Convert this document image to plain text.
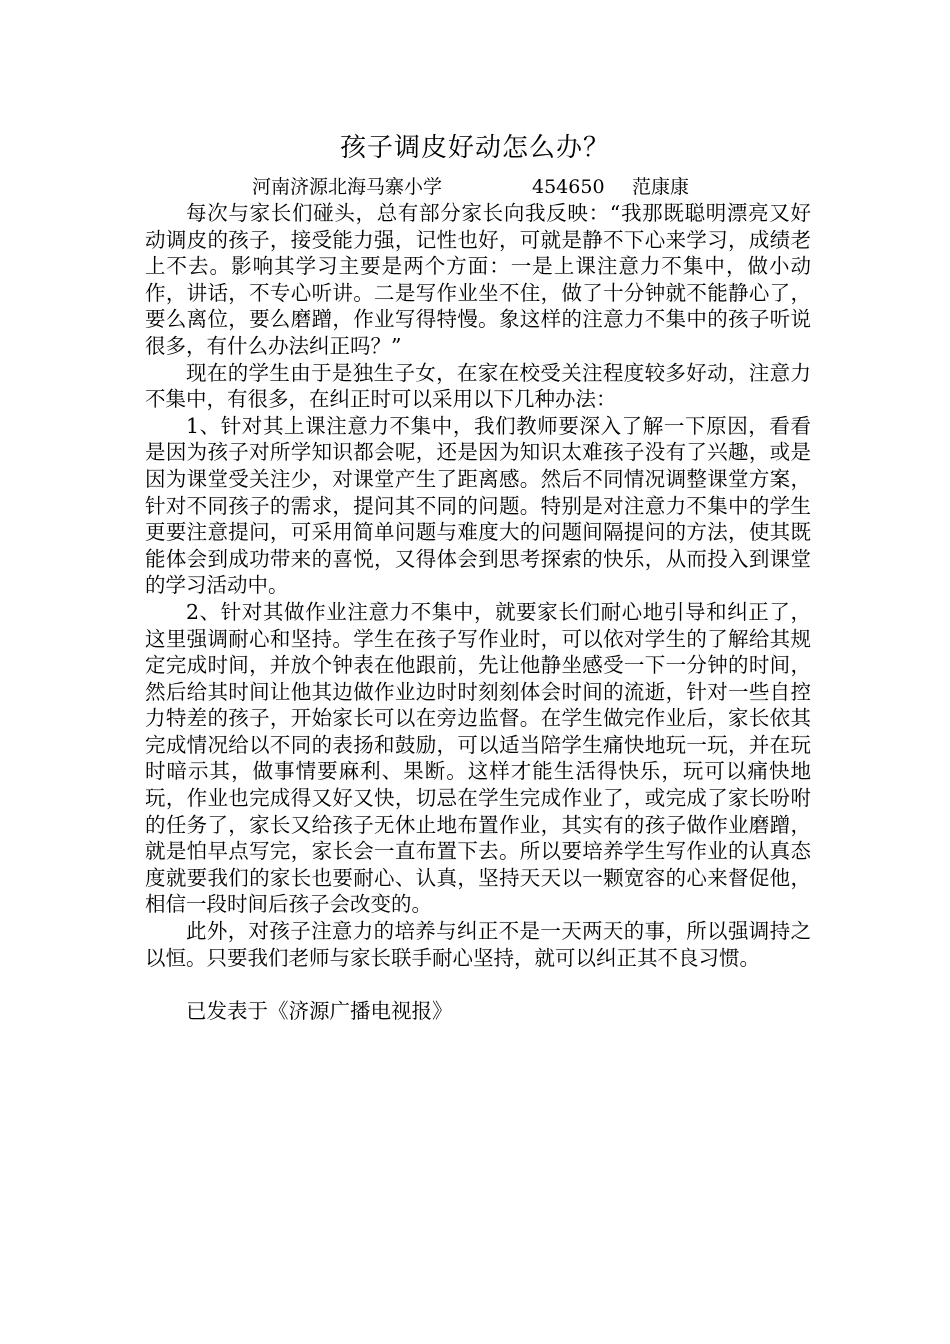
孩子调皮好动怎么办？
河南济源北海马寨小学	454650 范康康

每次与家长们碰头，总有部分家长向我反映：“我那既聪明漂亮又好动调皮的孩子，接受能力强，记性也好，可就是静不下心来学习，成绩老上不去。影响其学习主要是两个方面：一是上课注意力不集中，做小动作，讲话，不专心听讲。二是写作业坐不住，做了十分钟就不能静心了，要么离位，要么磨蹭，作业写得特慢。象这样的注意力不集中的孩子听说很多，有什么办法纠正吗？”

现在的学生由于是独生子女，在家在校受关注程度较多好动，注意力不集中，有很多，在纠正时可以采用以下几种办法：

1、针对其上课注意力不集中，我们教师要深入了解一下原因，看看是因为孩子对所学知识都会呢，还是因为知识太难孩子没有了兴趣，或是因为课堂受关注少，对课堂产生了距离感。然后不同情况调整课堂方案，针对不同孩子的需求，提问其不同的问题。特别是对注意力不集中的学生更要注意提问，可采用简单问题与难度大的问题间隔提问的方法，使其既能体会到成功带来的喜悦，又得体会到思考探索的快乐，从而投入到课堂的学习活动中。

2、针对其做作业注意力不集中，就要家长们耐心地引导和纠正了，这里强调耐心和坚持。学生在孩子写作业时，可以依对学生的了解给其规定完成时间，并放个钟表在他跟前，先让他静坐感受一下一分钟的时间，然后给其时间让他其边做作业边时时刻刻体会时间的流逝，针对一些自控力特差的孩子，开始家长可以在旁边监督。在学生做完作业后，家长依其完成情况给以不同的表扬和鼓励，可以适当陪学生痛快地玩一玩，并在玩时暗示其，做事情要麻利、果断。这样才能生活得快乐，玩可以痛快地玩，作业也完成得又好又快，切忌在学生完成作业了，或完成了家长吩咐的任务了，家长又给孩子无休止地布置作业，其实有的孩子做作业磨蹭，就是怕早点写完，家长会一直布置下去。所以要培养学生写作业的认真态度就要我们的家长也要耐心、认真，坚持天天以一颗宽容的心来督促他，相信一段时间后孩子会改变的。

此外，对孩子注意力的培养与纠正不是一天两天的事，所以强调持之以恒。只要我们老师与家长联手耐心坚持，就可以纠正其不良习惯。

已发表于《济源广播电视报》
